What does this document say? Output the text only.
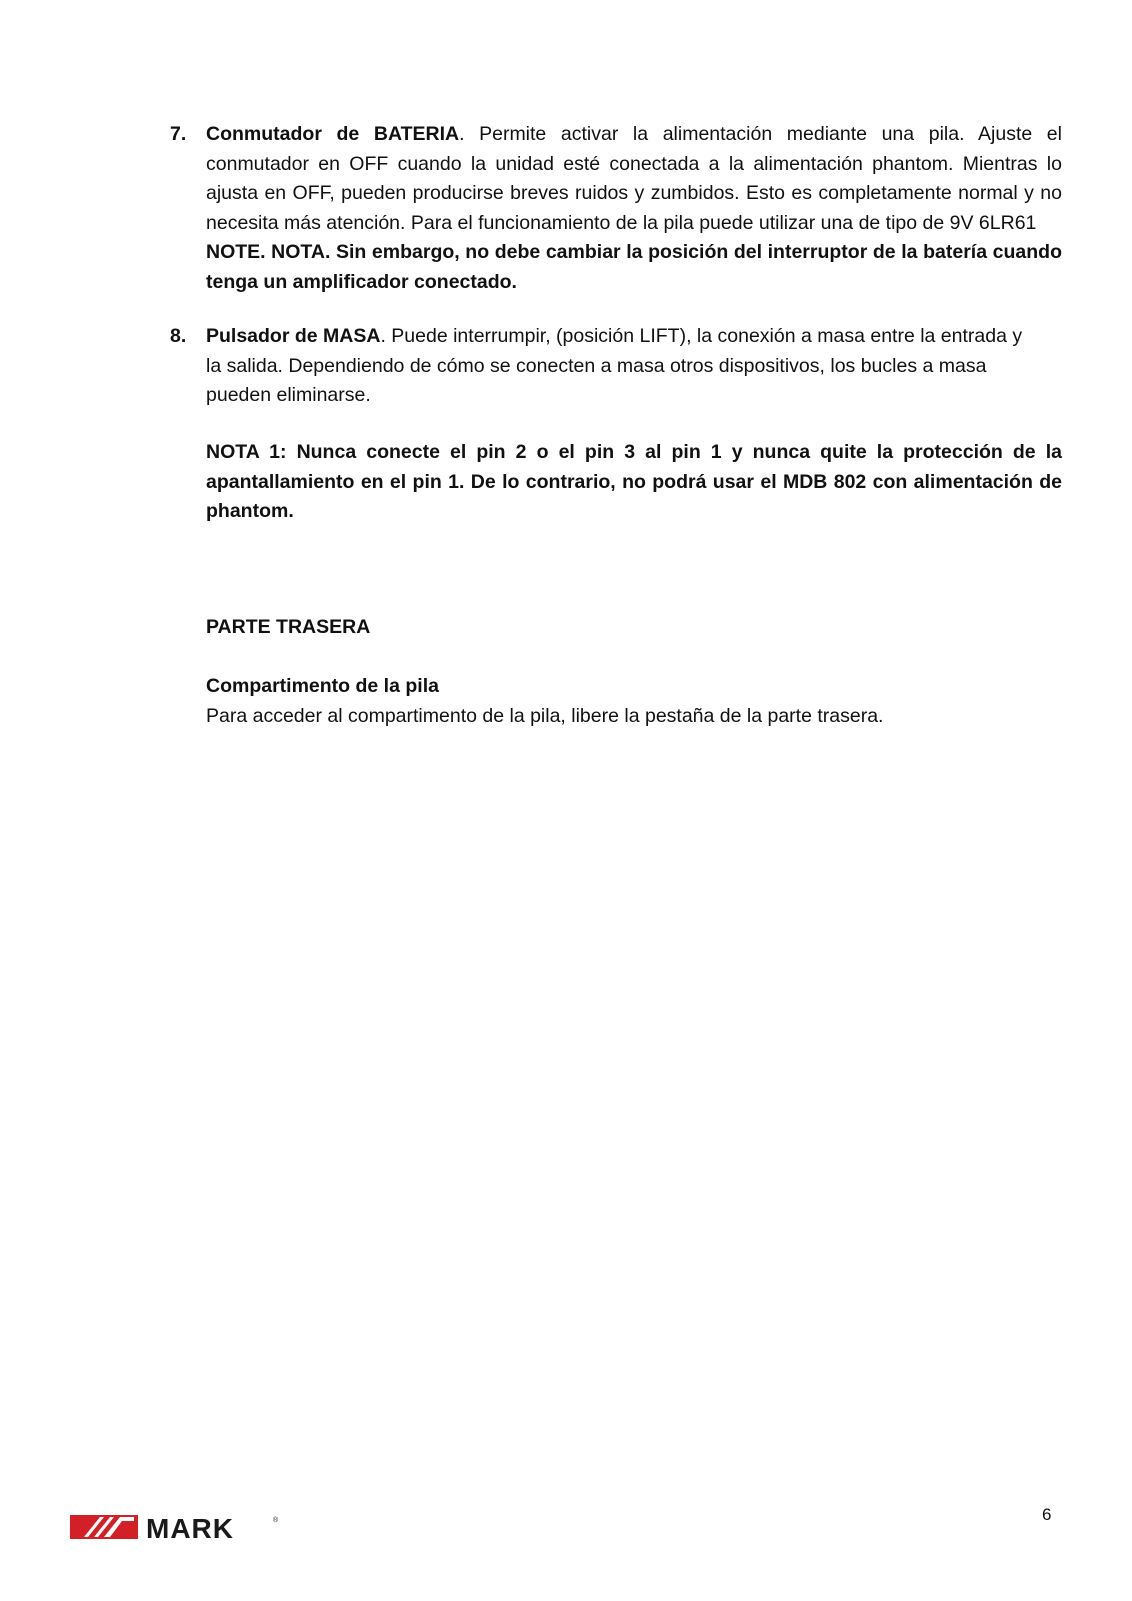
7.	Conmutador de BATERIA. Permite activar la alimentación mediante una pila. Ajuste el conmutador en OFF cuando la unidad esté conectada a la alimentación phantom. Mientras lo ajusta en OFF, pueden producirse breves ruidos y zumbidos. Esto es completamente normal y no necesita más atención. Para el funcionamiento de la pila puede utilizar una de tipo de 9V 6LR61
NOTE. NOTA. Sin embargo, no debe cambiar la posición del interruptor de la batería cuando tenga un amplificador conectado.
8.	Pulsador de MASA. Puede interrumpir, (posición LIFT), la conexión a masa entre la entrada y la salida. Dependiendo de cómo se conecten a masa otros dispositivos, los bucles a masa pueden eliminarse.
NOTA 1: Nunca conecte el pin 2 o el pin 3 al pin 1 y nunca quite la protección de la apantallamiento en el pin 1. De lo contrario, no podrá usar el MDB 802 con alimentación de phantom.
PARTE TRASERA
Compartimento de la pila
Para acceder al compartimento de la pila, libere la pestaña de la parte trasera.
MARK	®	6
